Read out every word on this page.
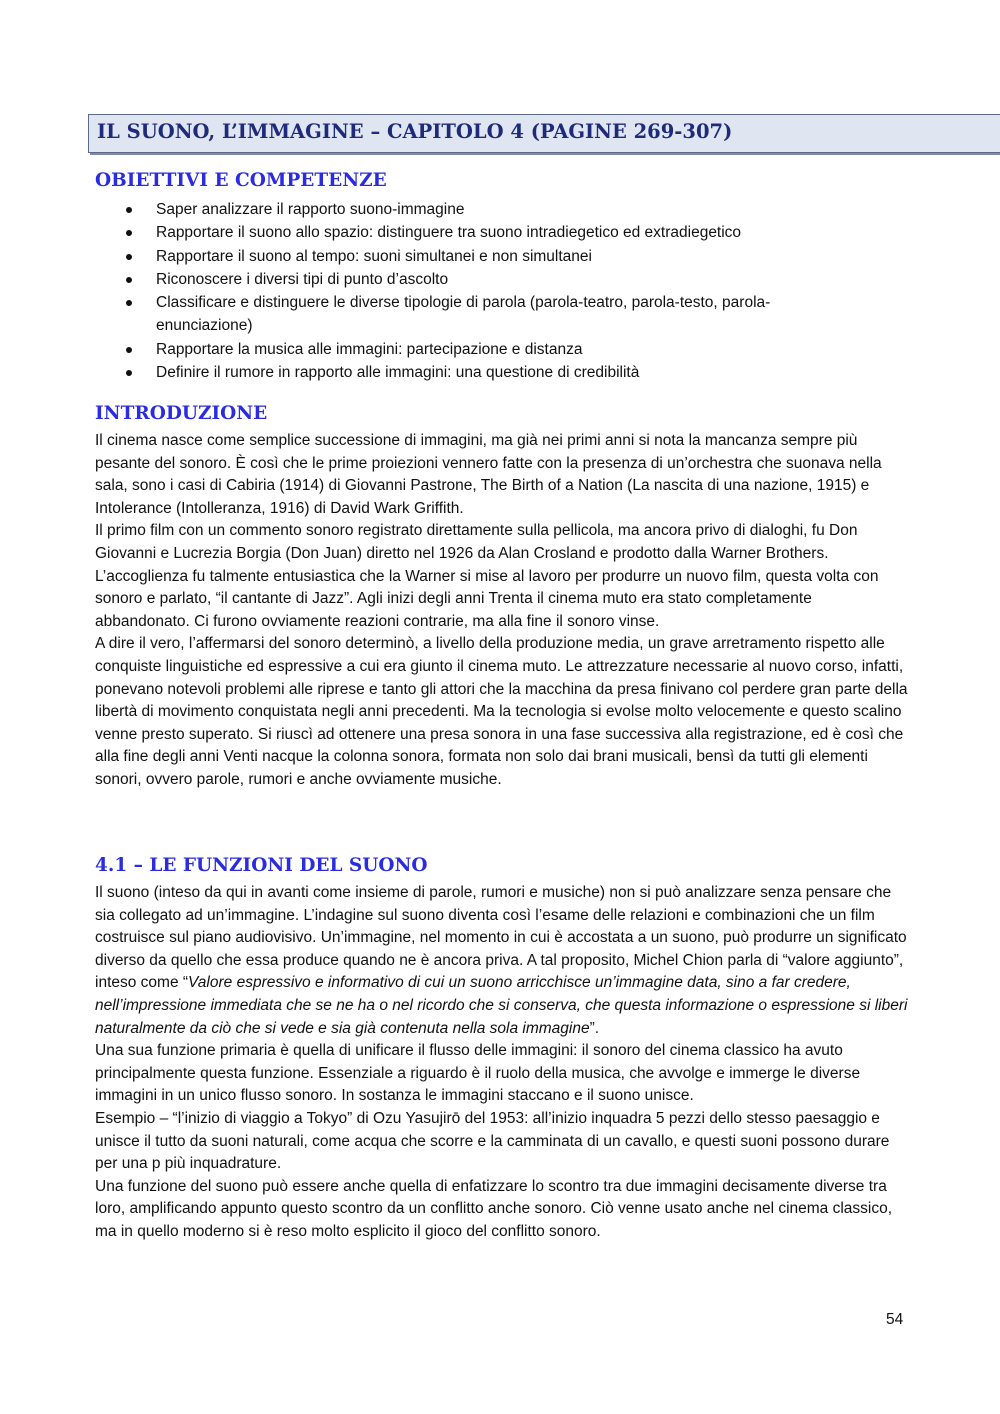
IL SUONO, L’IMMAGINE – CAPITOLO 4 (PAGINE 269-307)
OBIETTIVI E COMPETENZE
Saper analizzare il rapporto suono-immagine
Rapportare il suono allo spazio: distinguere tra suono intradiegetico ed extradiegetico
Rapportare il suono al tempo: suoni simultanei e non simultanei
Riconoscere i diversi tipi di punto d’ascolto
Classificare e distinguere le diverse tipologie di parola (parola-teatro, parola-testo, parola-enunciazione)
Rapportare la musica alle immagini: partecipazione e distanza
Definire il rumore in rapporto alle immagini: una questione di credibilità
INTRODUZIONE

Il cinema nasce come semplice successione di immagini, ma già nei primi anni si nota la mancanza sempre più pesante del sonoro. È così che le prime proiezioni vennero fatte con la presenza di un’orchestra che suonava nella sala, sono i casi di Cabiria (1914) di Giovanni Pastrone, The Birth of a Nation (La nascita di una nazione, 1915) e Intolerance (Intolleranza, 1916) di David Wark Griffith.

Il primo film con un commento sonoro registrato direttamente sulla pellicola, ma ancora privo di dialoghi, fu Don Giovanni e Lucrezia Borgia (Don Juan) diretto nel 1926 da Alan Crosland e prodotto dalla Warner Brothers.

L’accoglienza fu talmente entusiastica che la Warner si mise al lavoro per produrre un nuovo film, questa volta con sonoro e parlato, “il cantante di Jazz”. Agli inizi degli anni Trenta il cinema muto era stato completamente abbandonato. Ci furono ovviamente reazioni contrarie, ma alla fine il sonoro vinse.

A dire il vero, l’affermarsi del sonoro determinò, a livello della produzione media, un grave arretramento rispetto alle conquiste linguistiche ed espressive a cui era giunto il cinema muto. Le attrezzature necessarie al nuovo corso, infatti, ponevano notevoli problemi alle riprese e tanto gli attori che la macchina da presa finivano col perdere gran parte della libertà di movimento conquistata negli anni precedenti. Ma la tecnologia si evolse molto velocemente e questo scalino venne presto superato. Si riuscì ad ottenere una presa sonora in una fase successiva alla registrazione, ed è così che alla fine degli anni Venti nacque la colonna sonora, formata non solo dai brani musicali, bensì da tutti gli elementi sonori, ovvero parole, rumori e anche ovviamente musiche.

4.1 – LE FUNZIONI DEL SUONO

Il suono (inteso da qui in avanti come insieme di parole, rumori e musiche) non si può analizzare senza pensare che sia collegato ad un’immagine. L’indagine sul suono diventa così l’esame delle relazioni e combinazioni che un film costruisce sul piano audiovisivo. Un’immagine, nel momento in cui è accostata a un suono, può produrre un significato diverso da quello che essa produce quando ne è ancora priva. A tal proposito, Michel Chion parla di “valore aggiunto”, inteso come “Valore espressivo e informativo di cui un suono arricchisce un’immagine data, sino a far credere, nell’impressione immediata che se ne ha o nel ricordo che si conserva, che questa informazione o espressione si liberi naturalmente da ciò che si vede e sia già contenuta nella sola immagine”.

Una sua funzione primaria è quella di unificare il flusso delle immagini: il sonoro del cinema classico ha avuto principalmente questa funzione. Essenziale a riguardo è il ruolo della musica, che avvolge e immerge le diverse immagini in un unico flusso sonoro. In sostanza le immagini staccano e il suono unisce.

Esempio – “l’inizio di viaggio a Tokyo” di Ozu Yasujirō del 1953: all’inizio inquadra 5 pezzi dello stesso paesaggio e unisce il tutto da suoni naturali, come acqua che scorre e la camminata di un cavallo, e questi suoni possono durare per una p più inquadrature.

Una funzione del suono può essere anche quella di enfatizzare lo scontro tra due immagini decisamente diverse tra loro, amplificando appunto questo scontro da un conflitto anche sonoro. Ciò venne usato anche nel cinema classico, ma in quello moderno si è reso molto esplicito il gioco del conflitto sonoro.

54
